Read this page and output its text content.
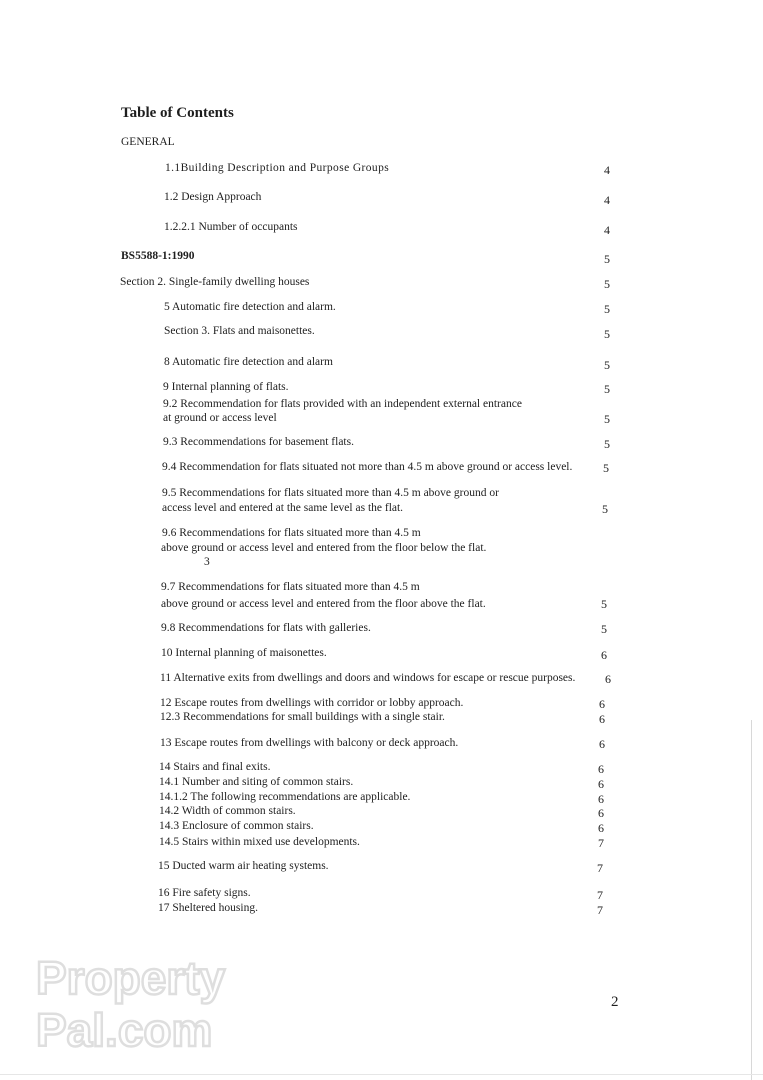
Property
Pal.com
Table of Contents
GENERAL
1.1Building Description and Purpose Groups	4
1.2 Design Approach	4
1.2.2.1 Number of occupants	4
BS5588-1:1990	5
Section 2. Single-family dwelling houses	5
5 Automatic fire detection and alarm.	5
Section 3. Flats and maisonettes.	5
8 Automatic fire detection and alarm	5
9 Internal planning of flats.	5
9.2 Recommendation for flats provided with an independent external entrance
at ground or access level	5
9.3 Recommendations for basement flats.	5
9.4 Recommendation for flats situated not more than 4.5 m above ground or access level.	5
9.5 Recommendations for flats situated more than 4.5 m above ground or
access level and entered at the same level as the flat.	5
9.6 Recommendations for flats situated more than 4.5 m
above ground or access level and entered from the floor below the flat.
3
9.7 Recommendations for flats situated more than 4.5 m
above ground or access level and entered from the floor above the flat.	5
9.8 Recommendations for flats with galleries.	5
10 Internal planning of maisonettes.	6
11 Alternative exits from dwellings and doors and windows for escape or rescue purposes. 6
12 Escape routes from dwellings with corridor or lobby approach.	6
12.3 Recommendations for small buildings with a single stair.	6
13 Escape routes from dwellings with balcony or deck approach.	6
14 Stairs and final exits.	6
14.1 Number and siting of common stairs.	6
14.1.2 The following recommendations are applicable.	6
14.2 Width of common stairs.	6
14.3 Enclosure of common stairs.	6
14.5 Stairs within mixed use developments.	7
15 Ducted warm air heating systems.	7
16 Fire safety signs.	7
17 Sheltered housing.	7
2
